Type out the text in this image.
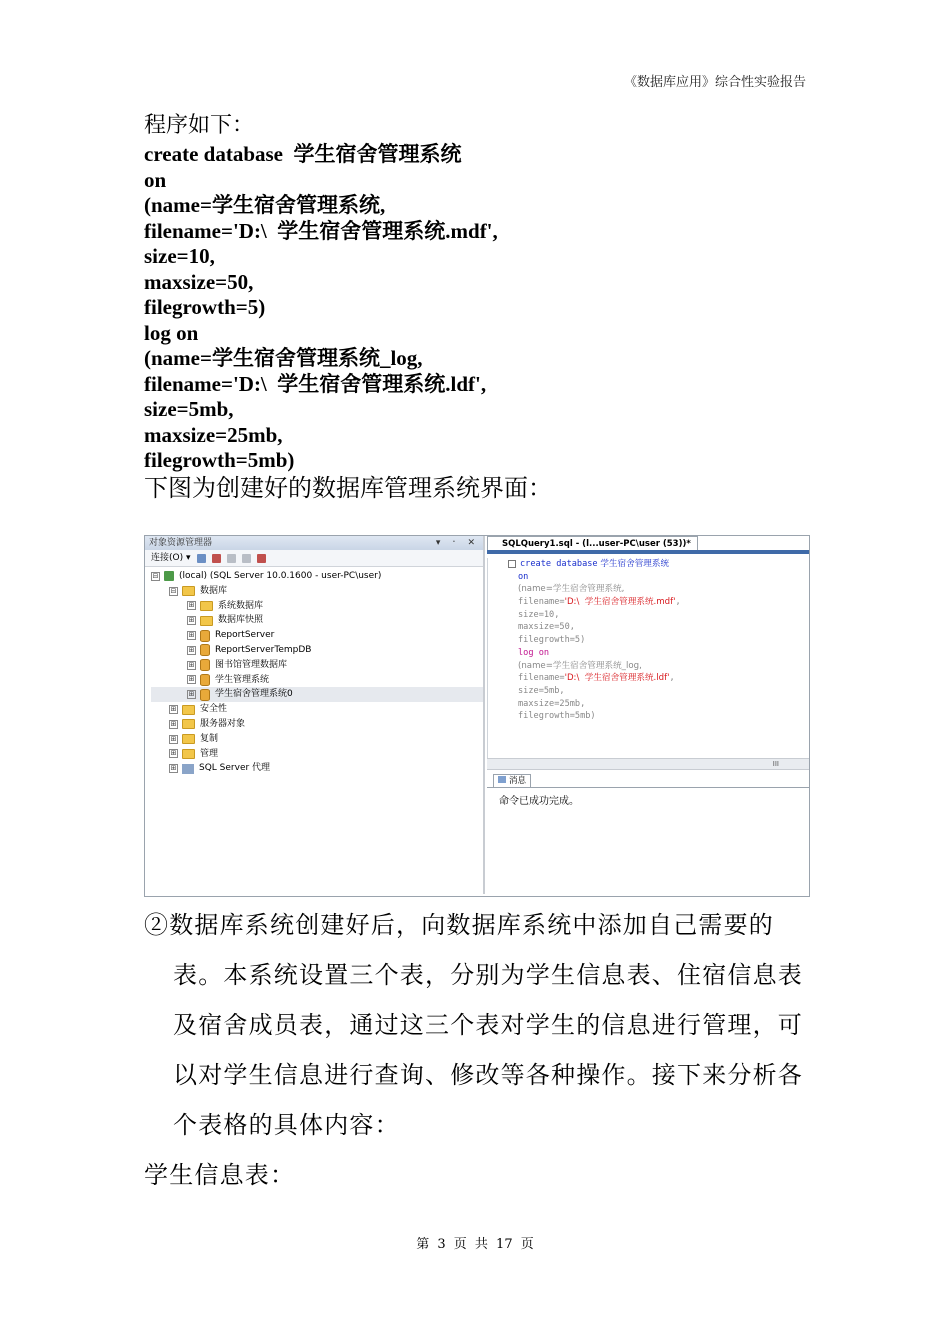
《数据库应用》综合性实验报告
程序如下：
create database  学生宿舍管理系统
on
(name=学生宿舍管理系统,
filename='D:\  学生宿舍管理系统.mdf',
size=10,
maxsize=50,
filegrowth=5)
log on
(name=学生宿舍管理系统_log,
filename='D:\  学生宿舍管理系统.ldf',
size=5mb,
maxsize=25mb,
filegrowth=5mb)
下图为创建好的数据库管理系统界面：
对象资源管理器	▾ ᛫ ✕
连接(O) ▾
⊟ (local) (SQL Server 10.0.1600 - user-PC\user)
⊟	数据库
⊞	系统数据库
⊞	数据库快照
⊞ ReportServer
⊞ ReportServerTempDB
⊞ 图书馆管理数据库
⊞ 学生管理系统
⊞ 学生宿舍管理系统0
⊞	安全性
⊞	服务器对象
⊞	复制
⊞	管理
⊞	SQL Server 代理
SQLQuery1.sql - (l...user-PC\user (53))*
create database 学生宿舍管理系统
on
(name=学生宿舍管理系统,
filename='D:\  学生宿舍管理系统.mdf',
size=10,
maxsize=50,
filegrowth=5)
log on
(name=学生宿舍管理系统_log,
filename='D:\  学生宿舍管理系统.ldf',
size=5mb,
maxsize=25mb,
filegrowth=5mb)
III
消息
命令已成功完成。
②数据库系统创建好后，向数据库系统中添加自己需要的
表。本系统设置三个表，分别为学生信息表、住宿信息表
及宿舍成员表，通过这三个表对学生的信息进行管理，可
以对学生信息进行查询、修改等各种操作。接下来分析各
个表格的具体内容：
学生信息表：
第 3 页 共 17 页
